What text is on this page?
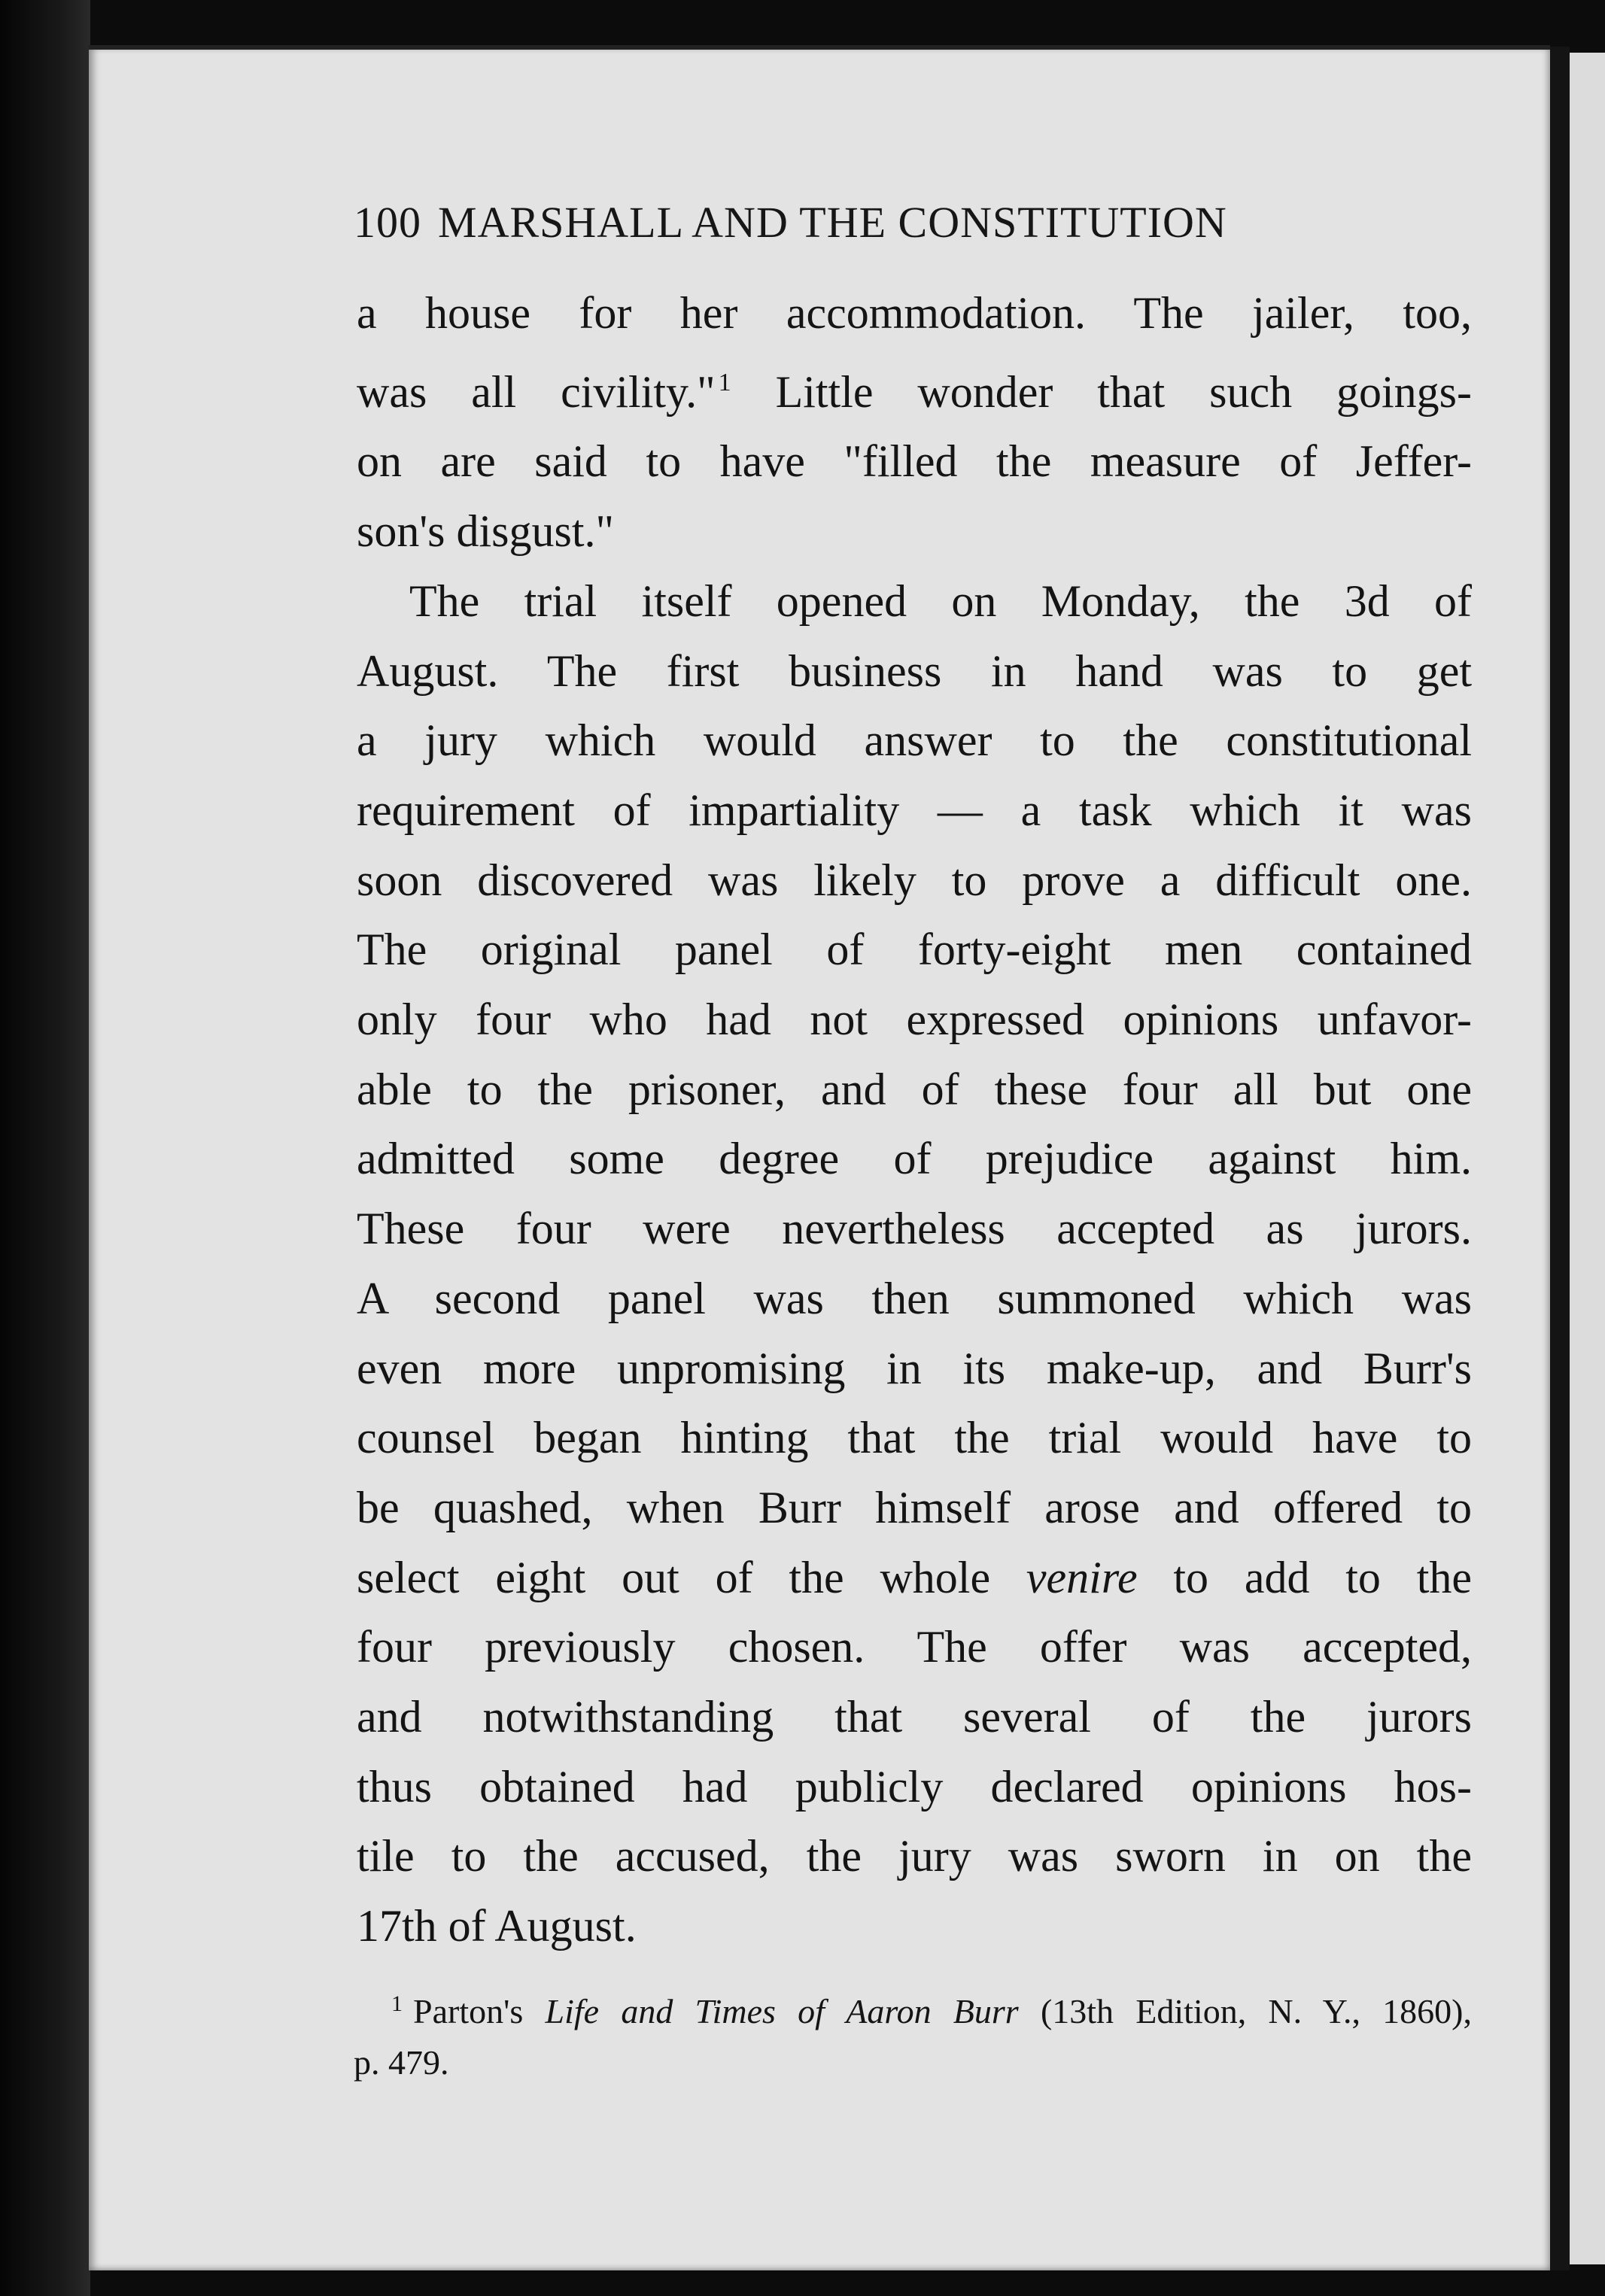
100 MARSHALL AND THE CONSTITUTION
a house for her accommodation. The jailer, too,
was all civility." $^1$ Little wonder that such goings-
on are said to have "filled the measure of Jeffer-
son's disgust."
The trial itself opened on Monday, the 3d of
August. The first business in hand was to get
a jury which would answer to the constitutional
requirement of impartiality — a task which it was
soon discovered was likely to prove a difficult one.
The original panel of forty-eight men contained
only four who had not expressed opinions unfavor-
able to the prisoner, and of these four all but one
admitted some degree of prejudice against him.
These four were nevertheless accepted as jurors.
A second panel was then summoned which was
even more unpromising in its make-up, and Burr's
counsel began hinting that the trial would have to
be quashed, when Burr himself arose and offered to
select eight out of the whole venire to add to the
four previously chosen. The offer was accepted,
and notwithstanding that several of the jurors
thus obtained had publicly declared opinions hos-
tile to the accused, the jury was sworn in on the
17th of August.
$^1$ Parton's Life and Times of Aaron Burr (13th Edition, N. Y., 1860),
p. 479.
